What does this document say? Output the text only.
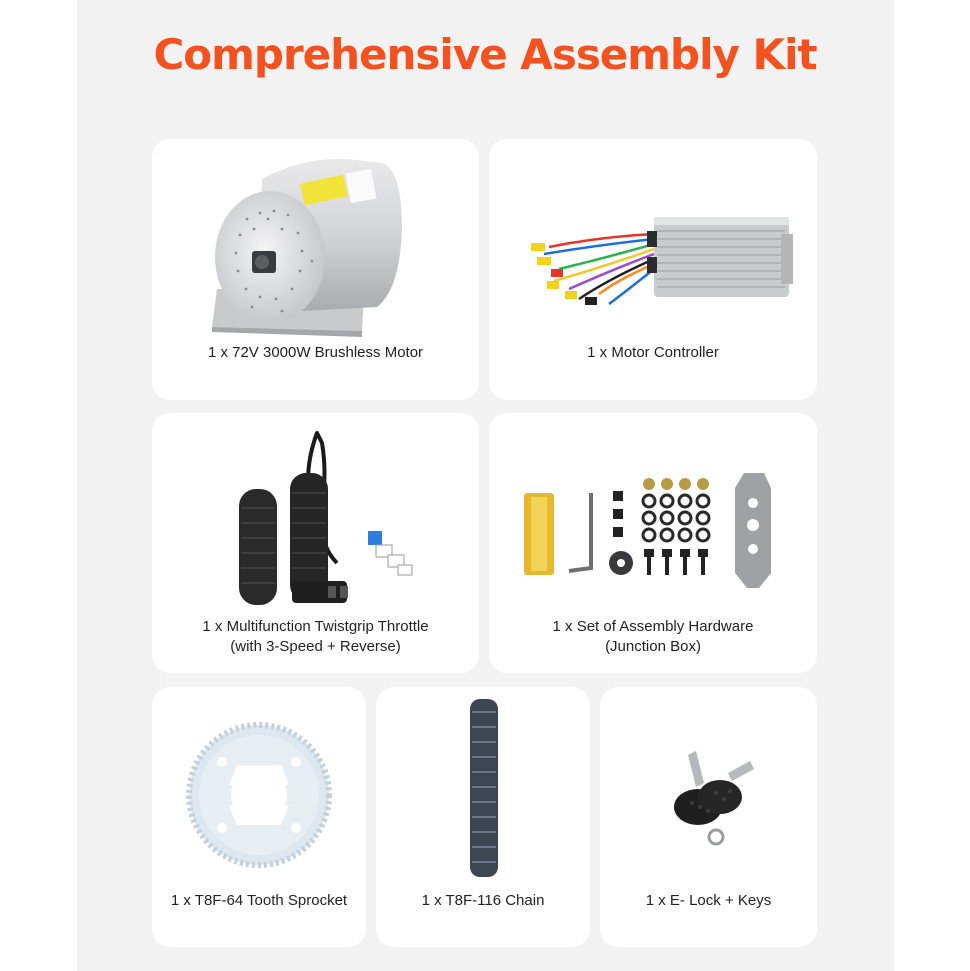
Comprehensive Assembly Kit
1 x 72V 3000W Brushless Motor	1 x Motor Controller
1 x Multifunction Twistgrip Throttle
(with 3-Speed + Reverse)
1 x Set of Assembly Hardware
(Junction Box)
1 x T8F-64 Tooth Sprocket	1 x T8F-116 Chain	1 x E- Lock + Keys
